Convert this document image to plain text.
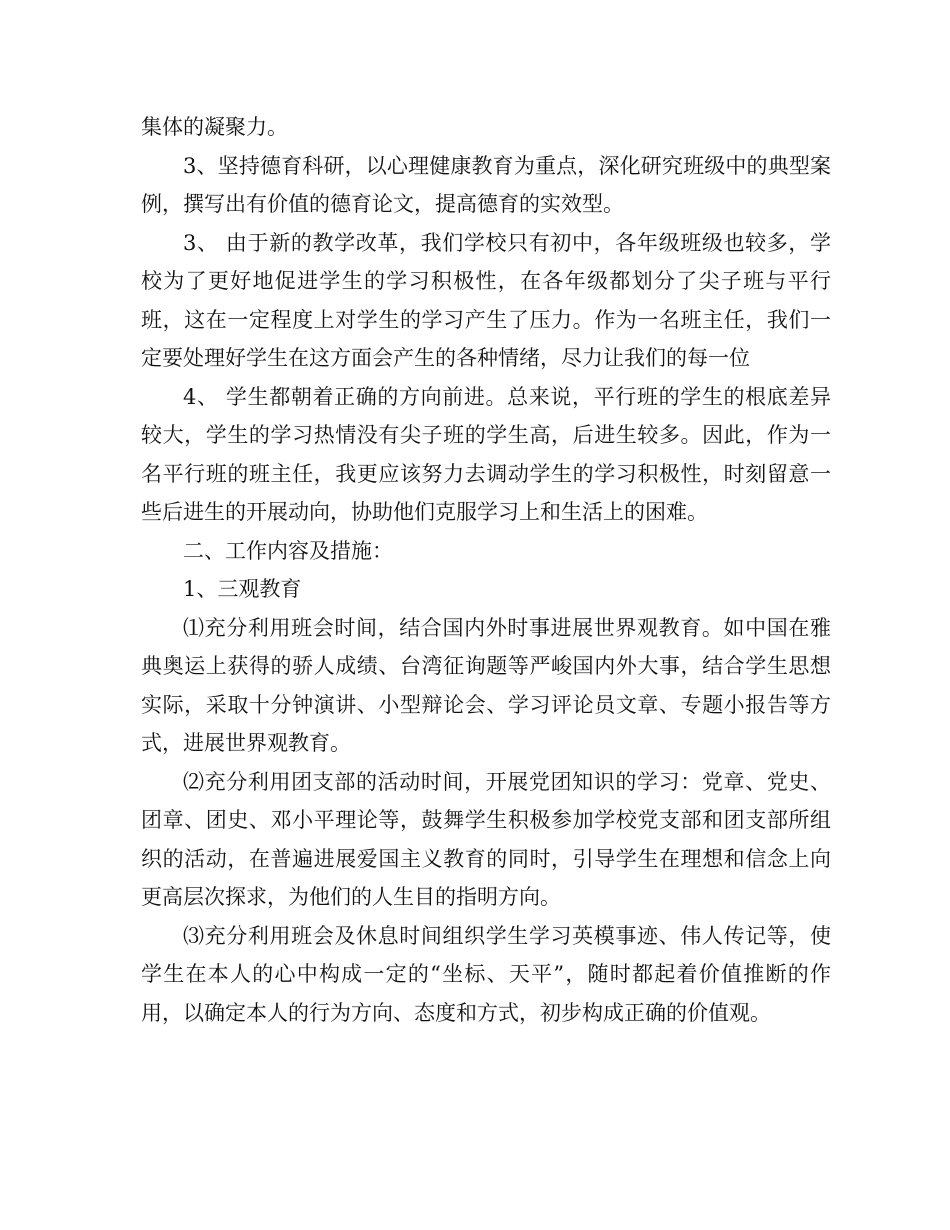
集体的凝聚力。

3、坚持德育科研，以心理健康教育为重点，深化研究班级中的典型案例，撰写出有价值的德育论文，提高德育的实效型。

3、 由于新的教学改革，我们学校只有初中，各年级班级也较多，学校为了更好地促进学生的学习积极性，在各年级都划分了尖子班与平行班，这在一定程度上对学生的学习产生了压力。作为一名班主任，我们一定要处理好学生在这方面会产生的各种情绪，尽力让我们的每一位

4、 学生都朝着正确的方向前进。总来说，平行班的学生的根底差异较大，学生的学习热情没有尖子班的学生高，后进生较多。因此，作为一名平行班的班主任，我更应该努力去调动学生的学习积极性，时刻留意一些后进生的开展动向，协助他们克服学习上和生活上的困难。

二、工作内容及措施：

1、三观教育

⑴充分利用班会时间，结合国内外时事进展世界观教育。如中国在雅典奥运上获得的骄人成绩、台湾征询题等严峻国内外大事，结合学生思想实际，采取十分钟演讲、小型辩论会、学习评论员文章、专题小报告等方式，进展世界观教育。

⑵充分利用团支部的活动时间，开展党团知识的学习：党章、党史、团章、团史、邓小平理论等，鼓舞学生积极参加学校党支部和团支部所组织的活动，在普遍进展爱国主义教育的同时，引导学生在理想和信念上向更高层次探求，为他们的人生目的指明方向。

⑶充分利用班会及休息时间组织学生学习英模事迹、伟人传记等，使学生在本人的心中构成一定的“坐标、天平”，随时都起着价值推断的作用，以确定本人的行为方向、态度和方式，初步构成正确的价值观。
